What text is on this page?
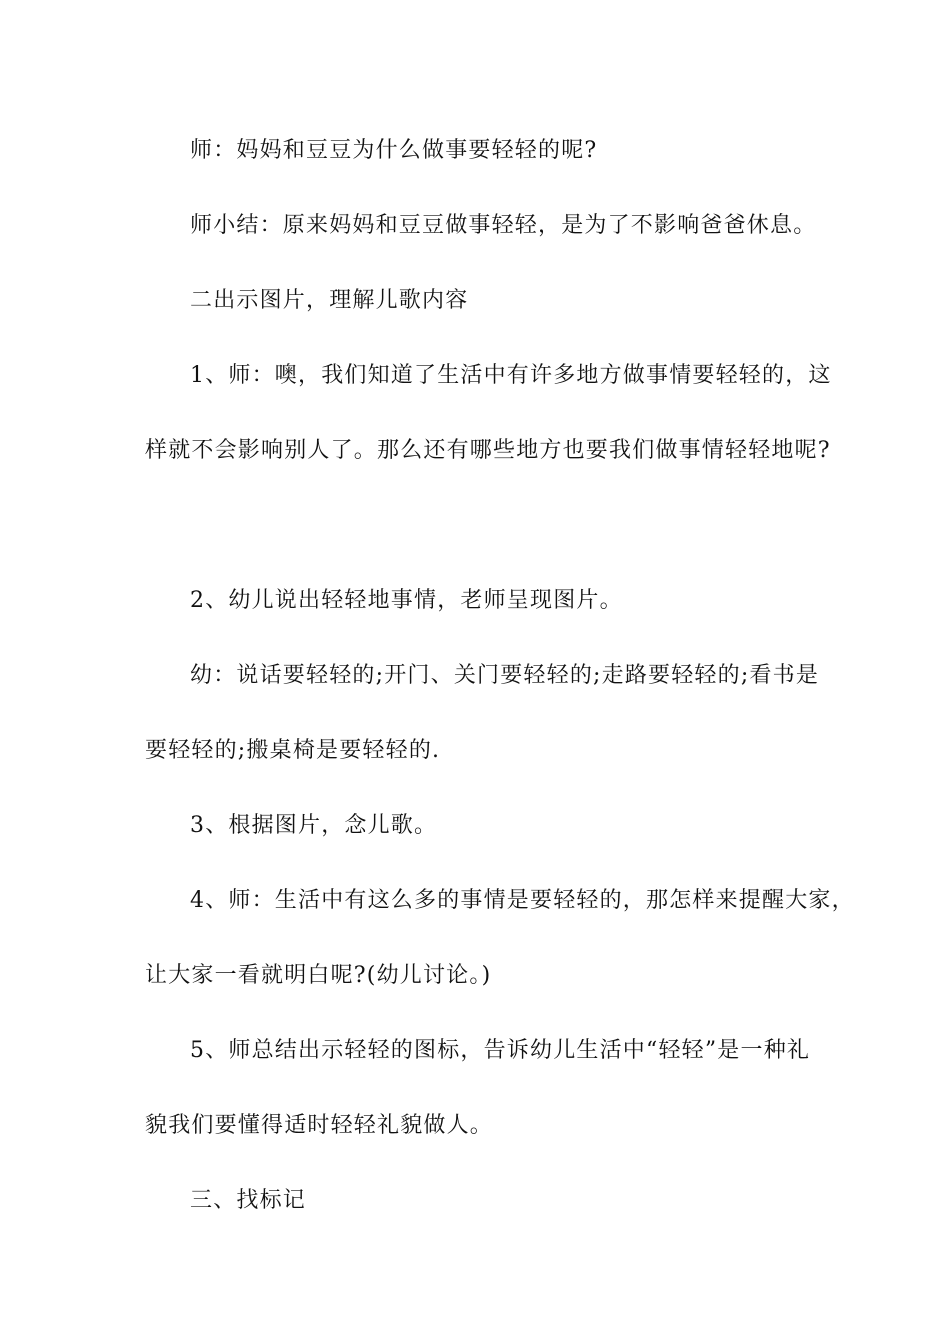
师：妈妈和豆豆为什么做事要轻轻的呢?

师小结：原来妈妈和豆豆做事轻轻，是为了不影响爸爸休息。

二出示图片，理解儿歌内容

1、师：噢，我们知道了生活中有许多地方做事情要轻轻的，这

样就不会影响别人了。那么还有哪些地方也要我们做事情轻轻地呢?

2、幼儿说出轻轻地事情，老师呈现图片。

幼：说话要轻轻的;开门、关门要轻轻的;走路要轻轻的;看书是

要轻轻的;搬桌椅是要轻轻的.

3、根据图片，念儿歌。

4、师：生活中有这么多的事情是要轻轻的，那怎样来提醒大家，

让大家一看就明白呢?(幼儿讨论。)

5、师总结出示轻轻的图标，告诉幼儿生活中“轻轻”是一种礼

貌我们要懂得适时轻轻礼貌做人。

三、找标记
